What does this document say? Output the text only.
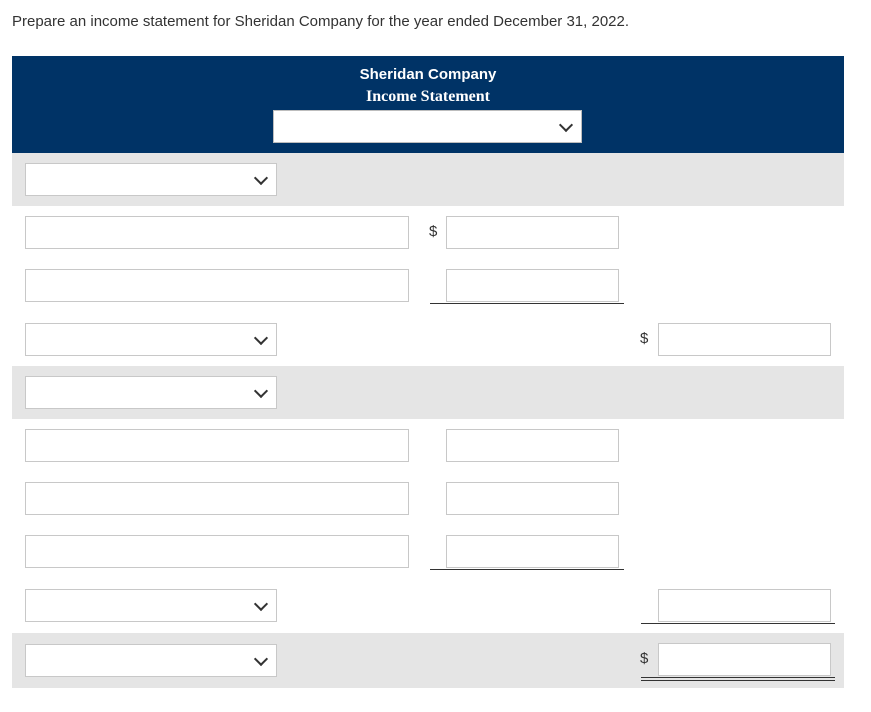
Prepare an income statement for Sheridan Company for the year ended December 31, 2022.
Sheridan Company
Income Statement
$
$
$
